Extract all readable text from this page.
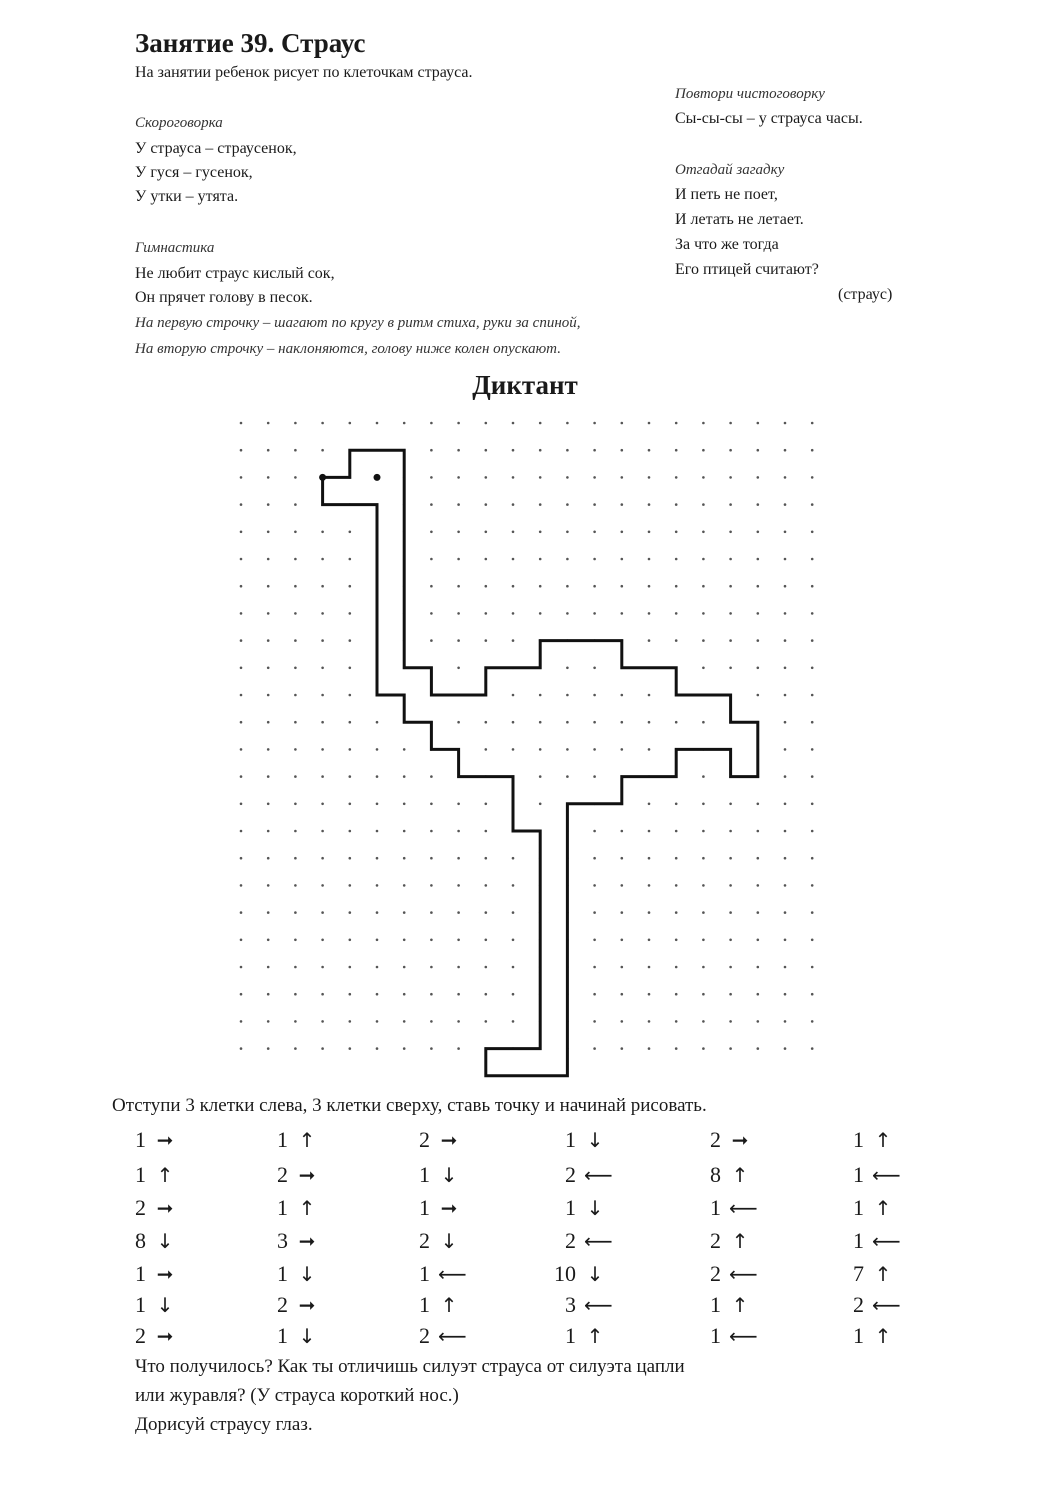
Занятие 39. Страус
На занятии ребенок рисует по клеточкам страуса.
Скороговорка
У страуса – страусенок,
У гуся – гусенок,
У утки – утята.
Гимнастика
Не любит страус кислый сок,
Он прячет голову в песок.
На первую строчку – шагают по кругу в ритм стиха, руки за спиной,
На вторую строчку – наклоняются, голову ниже колен опускают.
Повтори чистоговорку
Сы-сы-сы – у страуса часы.
Отгадай загадку
И петь не поет,
И летать не летает.
За что же тогда
Его птицей считают?
(страус)
Диктант
Отступи 3 клетки слева, 3 клетки сверху, ставь точку и начинай рисовать.
1 ➞
1 ↑
2 ➞
8 ↓
1 ➞
1 ↓
2 ➞
1 ↑
2 ➞
1 ↑
3 ➞
1 ↓
2 ➞
1 ↓
2 ➞
1 ↓
1 ➞
2 ↓
1 ⟵
1 ↑
2 ⟵
1 ↓
2 ⟵
1 ↓
2 ⟵
10 ↓
3 ⟵
1 ↑
2 ➞
8 ↑
1 ⟵
2 ↑
2 ⟵
1 ↑
1 ⟵
1 ↑
1 ⟵
1 ↑
1 ⟵
7 ↑
2 ⟵
1 ↑
Что получилось? Как ты отличишь силуэт страуса от силуэта цапли
или журавля? (У страуса короткий нос.)
Дорисуй страусу глаз.
